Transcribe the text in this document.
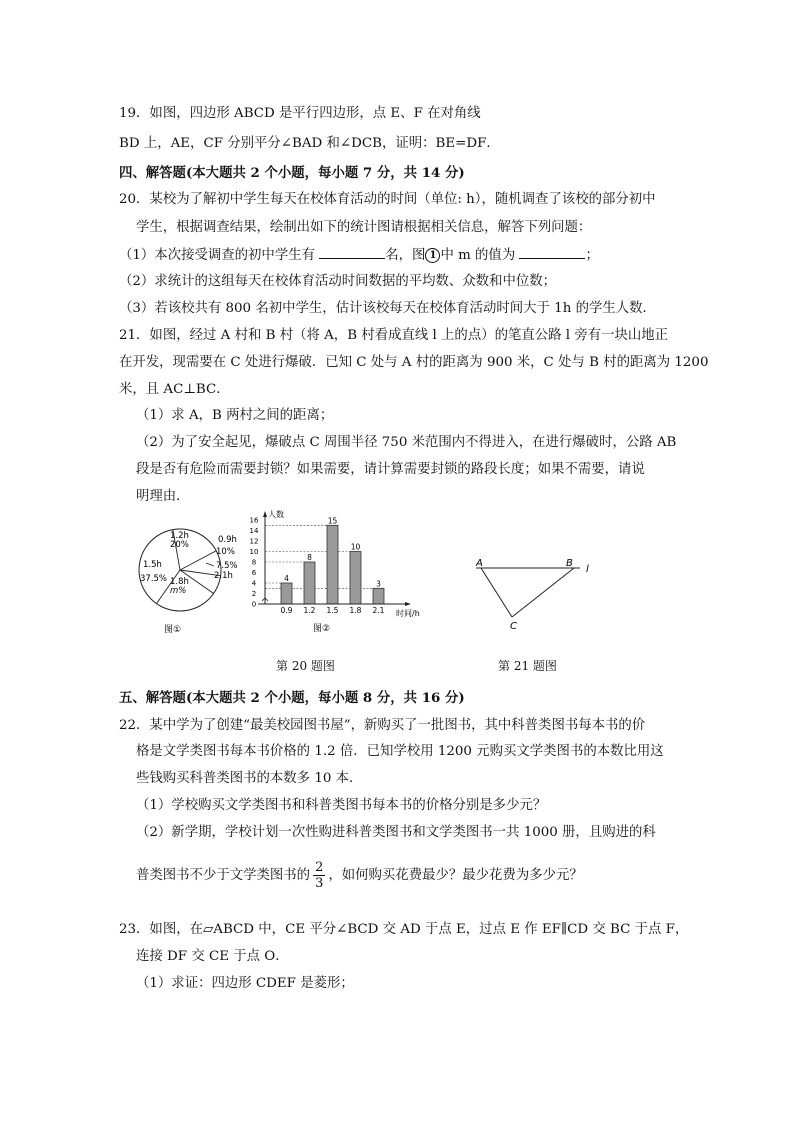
19．如图，四边形 ABCD 是平行四边形，点 E、F 在对角线
BD 上，AE，CF 分别平分∠BAD 和∠DCB，证明：BE=DF．
四、解答题(本大题共 2 个小题，每小题 7 分，共 14 分)
20．某校为了解初中学生每天在校体育活动的时间（单位: h），随机调查了该校的部分初中
学生，根据调查结果，绘制出如下的统计图请根据相关信息，解答下列问题：
（1）本次接受调查的初中学生有	名，图 1 中 m 的值为	；
（2）求统计的这组每天在校体育活动时间数据的平均数、众数和中位数；
（3）若该校共有 800 名初中学生，估计该校每天在校体育活动时间大于 1h 的学生人数．
21．如图，经过 A 村和 B 村（将 A，B 村看成直线 l 上的点）的笔直公路 l 旁有一块山地正
在开发，现需要在 C 处进行爆破．已知 C 处与 A 村的距离为 900 米，C 处与 B 村的距离为 1200
米，且 AC⊥BC．
（1）求 A，B 两村之间的距离；
（2）为了安全起见，爆破点 C 周围半径 750 米范围内不得进入，在进行爆破时，公路 AB
段是否有危险而需要封锁？如果需要，请计算需要封锁的路段长度；如果不需要，请说
明理由．
1.2h
20%
1.5h
37.5% 1.8h
m%
图①
0.9h
10%
7.5%
2.1h
0
2
4
6
8
10
12
14
16
4
8
15
10
3
0.9 1.2 1.5 1.8 2.1
人数
时间/h
图②
A	B
l
C
第 20 题图	第 21 题图
五、解答题(本大题共 2 个小题，每小题 8 分，共 16 分)
22．某中学为了创建“最美校园图书屋”，新购买了一批图书，其中科普类图书每本书的价
格是文学类图书每本书价格的 1.2 倍．已知学校用 1200 元购买文学类图书的本数比用这
些钱购买科普类图书的本数多 10 本．
（1）学校购买文学类图书和科普类图书每本书的价格分别是多少元？
（2）新学期，学校计划一次性购进科普类图书和文学类图书一共 1000 册，且购进的科
普类图书不少于文学类图书的 $\frac{2}{3}$ ，如何购买花费最少？最少花费为多少元？
23．如图，在▱ABCD 中，CE 平分∠BCD 交 AD 于点 E，过点 E 作 EF∥CD 交 BC 于点 F，
连接 DF 交 CE 于点 O．
（1）求证：四边形 CDEF 是菱形；
